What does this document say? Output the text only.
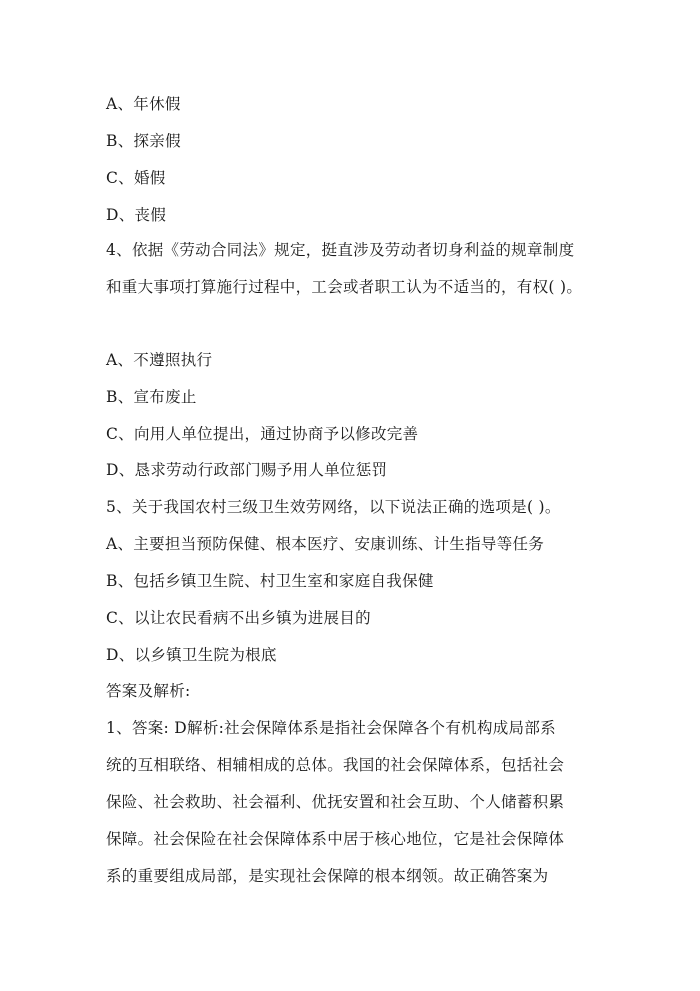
A、年休假
B、探亲假
C、婚假
D、丧假
4、依据《劳动合同法》规定，挺直涉及劳动者切身利益的规章制度
和重大事项打算施行过程中，工会或者职工认为不适当的，有权( )。
A、不遵照执行
B、宣布废止
C、向用人单位提出，通过协商予以修改完善
D、恳求劳动行政部门赐予用人单位惩罚
5、关于我国农村三级卫生效劳网络，以下说法正确的选项是( )。
A、主要担当预防保健、根本医疗、安康训练、计生指导等任务
B、包括乡镇卫生院、村卫生室和家庭自我保健
C、以让农民看病不出乡镇为进展目的
D、以乡镇卫生院为根底
答案及解析:
1、答案: D解析:社会保障体系是指社会保障各个有机构成局部系
统的互相联络、相辅相成的总体。我国的社会保障体系，包括社会
保险、社会救助、社会福利、优抚安置和社会互助、个人储蓄积累
保障。社会保险在社会保障体系中居于核心地位，它是社会保障体
系的重要组成局部，是实现社会保障的根本纲领。故正确答案为
